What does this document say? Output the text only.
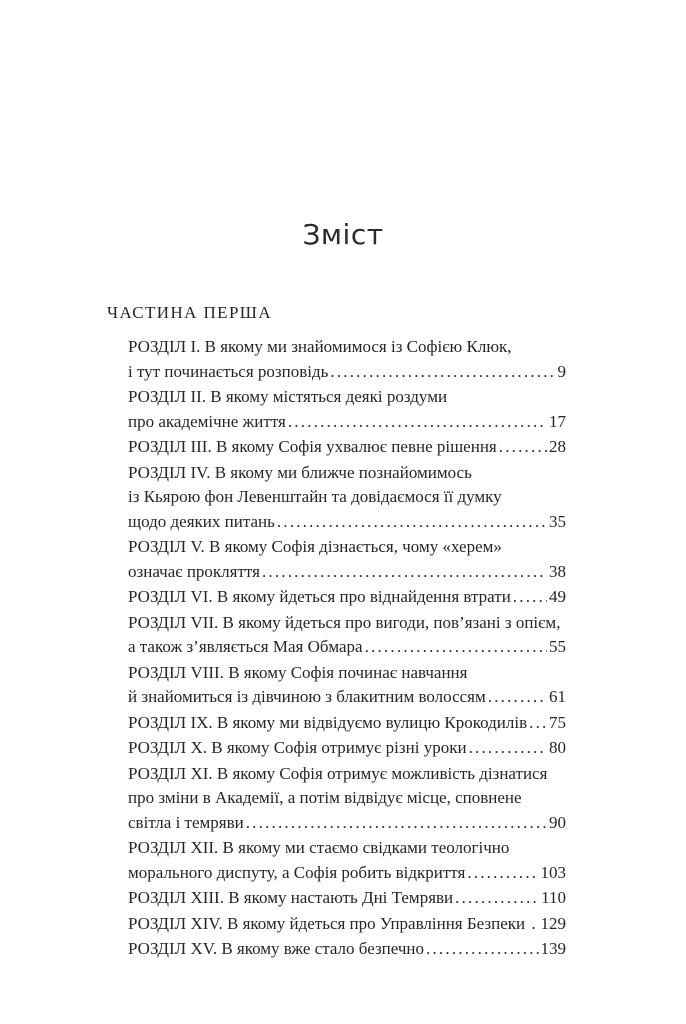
Зміст
ЧАСТИНА ПЕРША
РОЗДІЛ I. В якому ми знайомимося із Софією Клюк,
і тут починається розповідь .....	9
РОЗДІЛ II. В якому містяться деякі роздуми
про академічне життя .....	17
РОЗДІЛ III. В якому Софія ухвалює певне рішення .....	28
РОЗДІЛ IV. В якому ми ближче познайомимось
із Кьярою фон Левенштайн та довідаємося її думку
щодо деяких питань .....	35
РОЗДІЛ V. В якому Софія дізнається, чому «херем»
означає прокляття .....	38
РОЗДІЛ VI. В якому йдеться про віднайдення втрати ..... 49
РОЗДІЛ VII. В якому йдеться про вигоди, пов’язані з опієм,
а також з’являється Мая Обмара .....	55
РОЗДІЛ VIII. В якому Софія починає навчання
й знайомиться із дівчиною з блакитним волоссям .....	61
РОЗДІЛ IX. В якому ми відвідуємо вулицю Крокодилів ..... 75
РОЗДІЛ X. В якому Софія отримує різні уроки .....	80
РОЗДІЛ XI. В якому Софія отримує можливість дізнатися
про зміни в Академії, а потім відвідує місце, сповнене
світла і темряви .....	90
РОЗДІЛ XII. В якому ми стаємо свідками теологічно
морального диспуту, а Софія робить відкриття .....	103
РОЗДІЛ XIII. В якому настають Дні Темряви .....	110
РОЗДІЛ XIV. В якому йдеться про Управління Безпеки ..... 129
РОЗДІЛ XV. В якому вже стало безпечно .....	139
